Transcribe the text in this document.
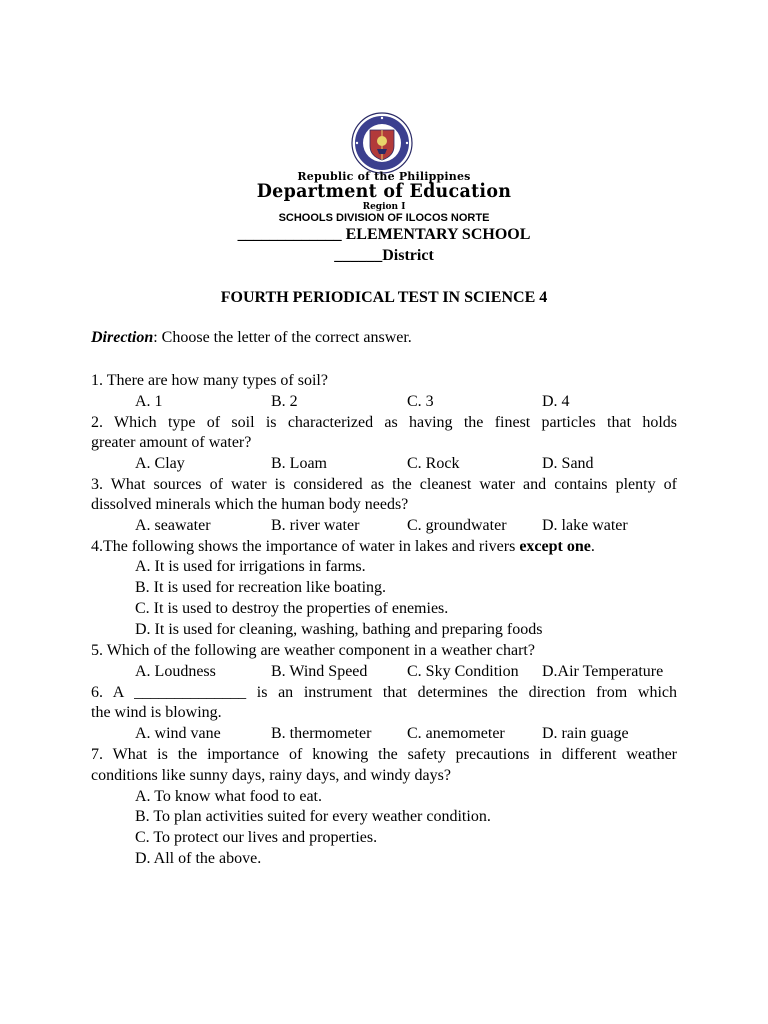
Republic of the Philippines
Department of Education
Region I
SCHOOLS DIVISION OF ILOCOS NORTE
_____________ ELEMENTARY SCHOOL
______District
FOURTH PERIODICAL TEST IN SCIENCE 4
Direction: Choose the letter of the correct answer.
1. There are how many types of soil?
A. 1	B. 2	C. 3	D. 4
2. Which type of soil is characterized as having the finest particles that holds
greater amount of water?
A. Clay	B. Loam	C. Rock	D. Sand
3. What sources of water is considered as the cleanest water and contains plenty of
dissolved minerals which the human body needs?
A. seawater	B. river water	C. groundwater D. lake water
4.The following shows the importance of water in lakes and rivers except one.
A. It is used for irrigations in farms.
B. It is used for recreation like boating.
C. It is used to destroy the properties of enemies.
D. It is used for cleaning, washing, bathing and preparing foods
5. Which of the following are weather component in a weather chart?
A. Loudness	B. Wind Speed C. Sky Condition D.Air Temperature
6. A ______________ is an instrument that determines the direction from which
the wind is blowing.
A. wind vane	B. thermometer C. anemometer D. rain guage
7. What is the importance of knowing the safety precautions in different weather
conditions like sunny days, rainy days, and windy days?
A. To know what food to eat.
B. To plan activities suited for every weather condition.
C. To protect our lives and properties.
D. All of the above.
